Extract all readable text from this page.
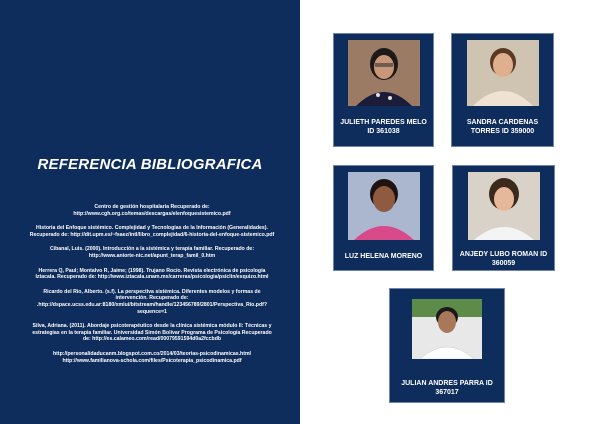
REFERENCIA BIBLIOGRAFICA

Centro de gestión hospitalaria Recuperado de: http://www.cgh.org.co/temas/descargas/elenfoquesistemico.pdf

Historia del Enfoque sistémico. Complejidad y Tecnologías de la Información (Generalidades). Recuperado de: http://dit.upm.es/~fsaez/intl/libro_complejidad/6-historia-del-enfoque-sistemico.pdf

Cibanal, Luis. (2000). Introducción a la sistémica y terapia familiar. Recuperado de: http://www.aniorte-nic.net/apunt_terap_famil_0.htm

Herrera Q, Paul; Montalvo R, Jaime; (1998). Trujano Rocío. Revista electrónica de psicología Iztacala. Recuperado de: http://www.iztacala.unam.mx/carreras/psicologia/psiclin/esquizo.html

Ricardo del Rio, Alberto. (s.f). La perspectiva sistémica. Diferentes modelos y formas de intervención. Recuperado de: .http://dspace.ucss.edu.ar:8180/xmlui/bitstream/handle/123456789/2801/Perspectiva_Rio.pdf?sequence=1

Silva, Adriana. (2011). Abordaje psicoterapéutico desde la clínica sistémica módulo II: Técnicas y estrategias en la terapia familiar. Universidad Simón Bolívar Programa de Psicología Recuperado de: http://es.calameo.com/read/00079591594d0a2fccbdb

http://personalidaducanm.blogspot.com.co/2014/03/teorias-psicodinamicas.html http://www.familianova-schola.com/files/Psicoterapia_psicodinamica.pdf

JULIETH PAREDES MELO
ID 361038
SANDRA CARDENAS
TORRES ID 359000
LUZ HELENA MORENO	ANJEDY LUBO ROMAN ID
360059
JULIAN ANDRES PARRA ID
367017
